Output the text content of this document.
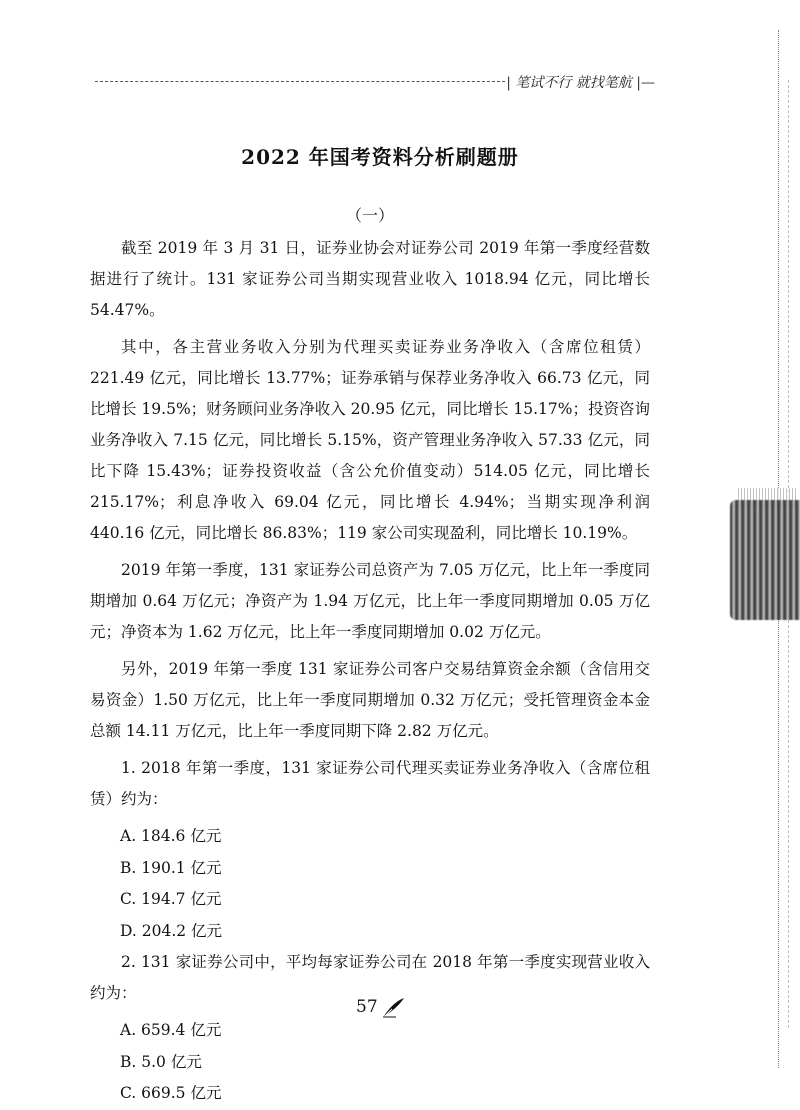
| 笔试不行 就找笔航 |—
2022 年国考资料分析刷题册
（一）

截至 2019 年 3 月 31 日，证券业协会对证券公司 2019 年第一季度经营数据进行了统计。131 家证券公司当期实现营业收入 1018.94 亿元，同比增长 54.47%。

其中，各主营业务收入分别为代理买卖证券业务净收入（含席位租赁）221.49 亿元，同比增长 13.77%；证券承销与保荐业务净收入 66.73 亿元，同比增长 19.5%；财务顾问业务净收入 20.95 亿元，同比增长 15.17%；投资咨询业务净收入 7.15 亿元，同比增长 5.15%，资产管理业务净收入 57.33 亿元，同比下降 15.43%；证券投资收益（含公允价值变动）514.05 亿元，同比增长 215.17%；利息净收入 69.04 亿元，同比增长 4.94%；当期实现净利润 440.16 亿元，同比增长 86.83%；119 家公司实现盈利，同比增长 10.19%。

2019 年第一季度，131 家证券公司总资产为 7.05 万亿元，比上年一季度同期增加 0.64 万亿元；净资产为 1.94 万亿元，比上年一季度同期增加 0.05 万亿元；净资本为 1.62 万亿元，比上年一季度同期增加 0.02 万亿元。

另外，2019 年第一季度 131 家证券公司客户交易结算资金余额（含信用交易资金）1.50 万亿元，比上年一季度同期增加 0.32 万亿元；受托管理资金本金总额 14.11 万亿元，比上年一季度同期下降 2.82 万亿元。

1. 2018 年第一季度，131 家证券公司代理买卖证券业务净收入（含席位租赁）约为：

A. 184.6 亿元

B. 190.1 亿元

C. 194.7 亿元

D. 204.2 亿元

2. 131 家证券公司中，平均每家证券公司在 2018 年第一季度实现营业收入约为：

A. 659.4 亿元

B. 5.0 亿元

C. 669.5 亿元

57
